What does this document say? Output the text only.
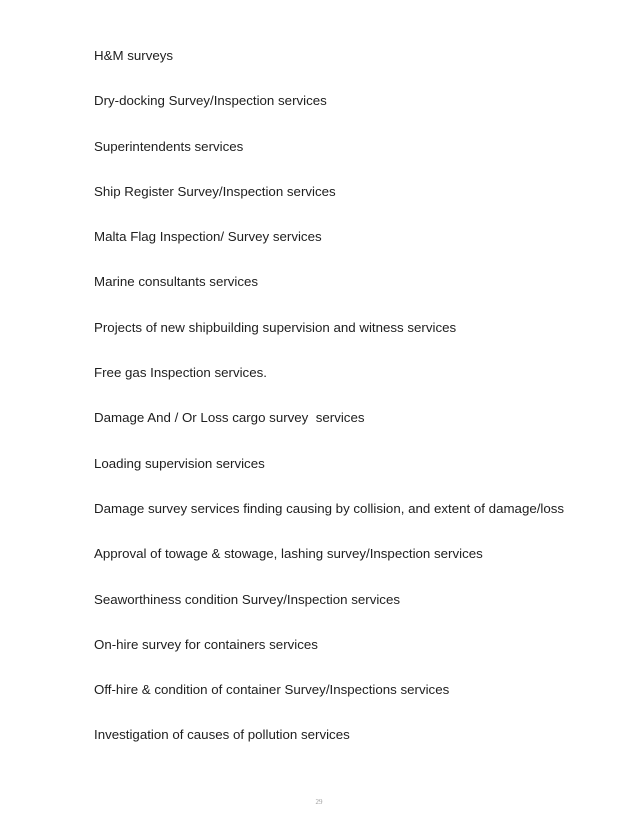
H&M surveys
Dry-docking Survey/Inspection services
Superintendents services
Ship Register Survey/Inspection services
Malta Flag Inspection/ Survey services
Marine consultants services
Projects of new shipbuilding supervision and witness services
Free gas Inspection services.
Damage And / Or Loss cargo survey  services
Loading supervision services
Damage survey services finding causing by collision, and extent of damage/loss
Approval of towage & stowage, lashing survey/Inspection services
Seaworthiness condition Survey/Inspection services
On-hire survey for containers services
Off-hire & condition of container Survey/Inspections services
Investigation of causes of pollution services
29
